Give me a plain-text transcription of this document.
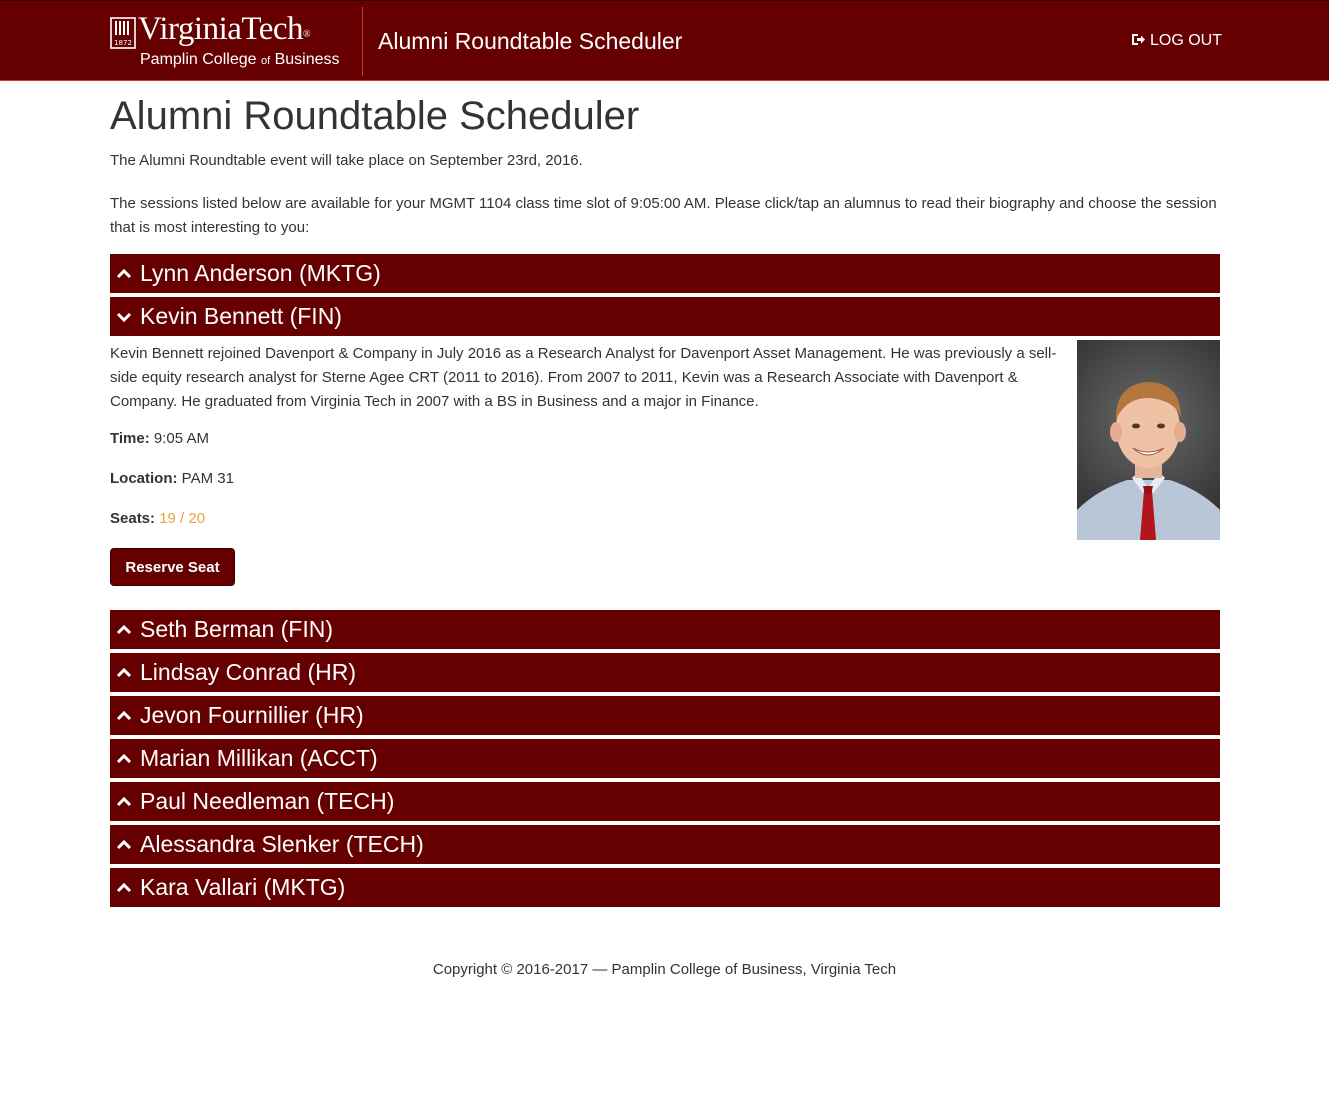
1872 VirginiaTech®
Pamplin College of Business
Alumni Roundtable Scheduler	LOG OUT
Alumni Roundtable Scheduler
The Alumni Roundtable event will take place on September 23rd, 2016.
The sessions listed below are available for your MGMT 1104 class time slot of 9:05:00 AM. Please click/tap an alumnus to read their biography and choose the session that is most interesting to you:
Lynn Anderson (MKTG)
Kevin Bennett (FIN)
Kevin Bennett rejoined Davenport & Company in July 2016 as a Research Analyst for Davenport Asset Management. He was previously a sell-side equity research analyst for Sterne Agee CRT (2011 to 2016). From 2007 to 2011, Kevin was a Research Associate with Davenport & Company. He graduated from Virginia Tech in 2007 with a BS in Business and a major in Finance.
Time: 9:05 AM
Location: PAM 31
Seats: 19 / 20
Reserve Seat
Seth Berman (FIN)
Lindsay Conrad (HR)
Jevon Fournillier (HR)
Marian Millikan (ACCT)
Paul Needleman (TECH)
Alessandra Slenker (TECH)
Kara Vallari (MKTG)
Copyright © 2016-2017 — Pamplin College of Business, Virginia Tech
